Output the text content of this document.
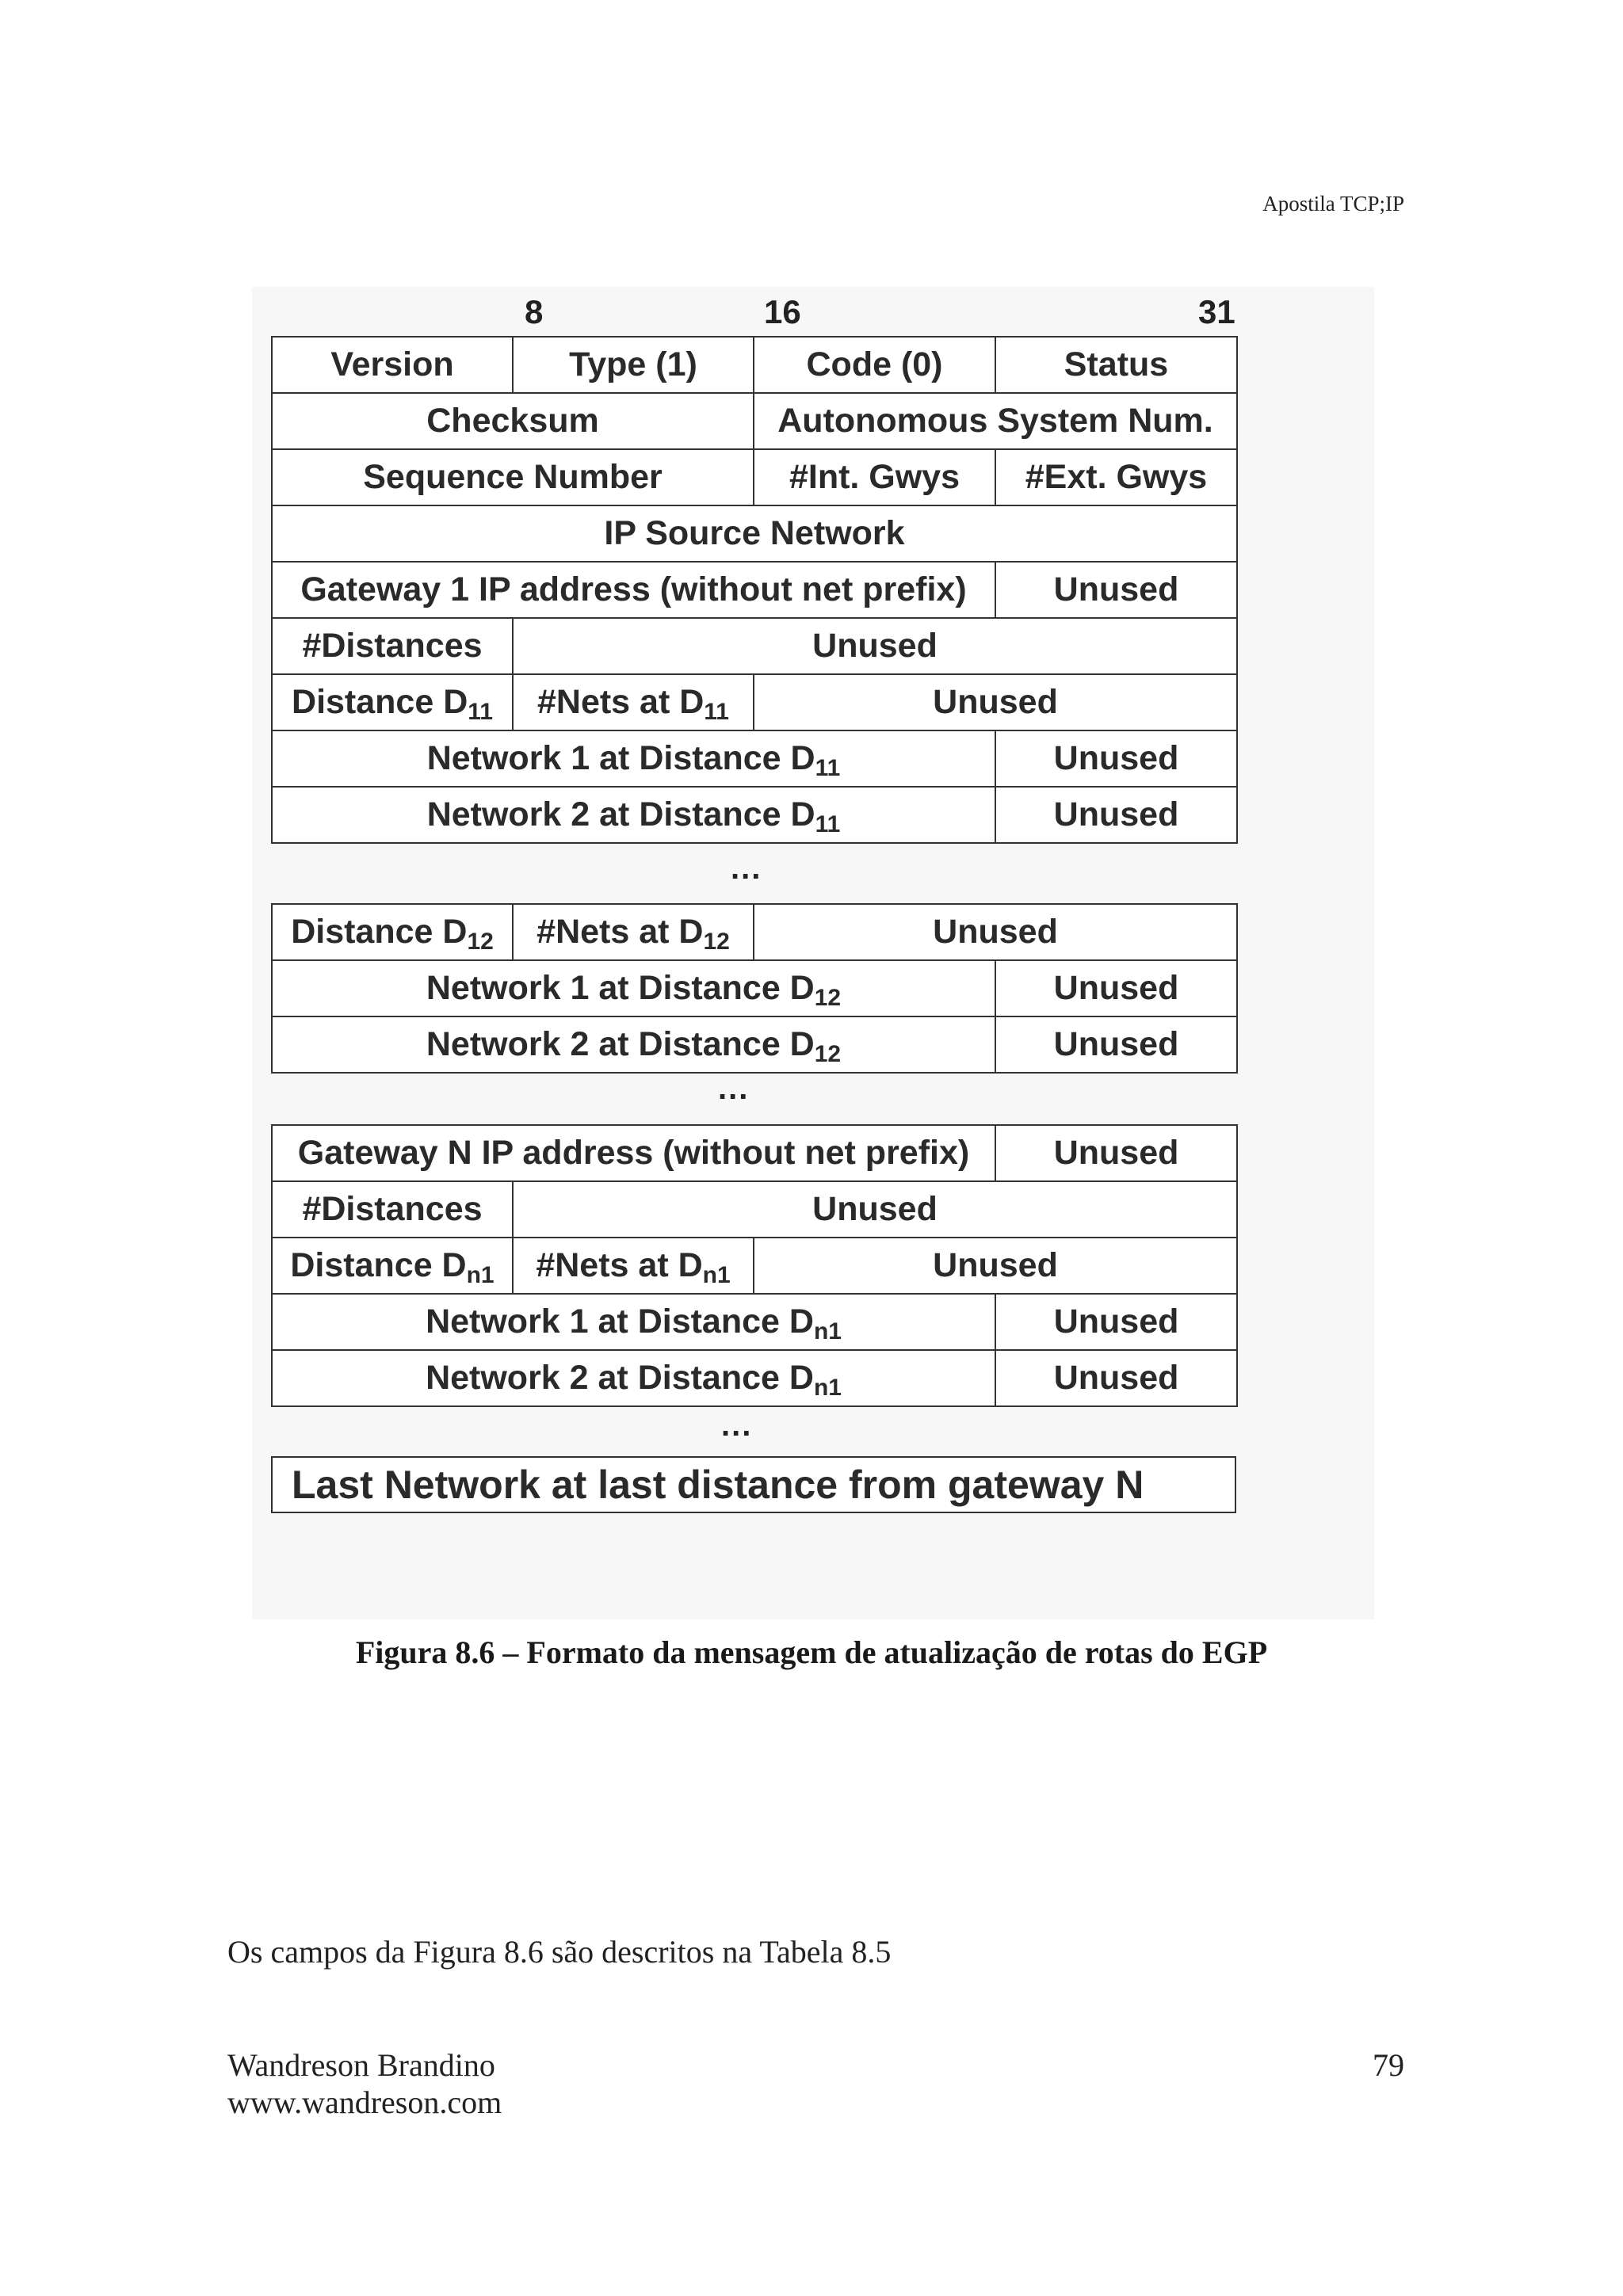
Apostila TCP;IP
8	16	31
Version	Type (1)	Code (0)	Status
Checksum		Autonomous System Num.	
Sequence Number		#Int. Gwys	#Ext. Gwys
IP Source Network			
Gateway 1 IP address (without net prefix)			Unused
#Distances	Unused		
Distance $D_{11}$	#Nets at $D_{11}$	Unused	
Network 1 at Distance $D_{11}$			Unused
Network 2 at Distance $D_{11}$			Unused
...
Distance $D_{12}$	#Nets at $D_{12}$	Unused	
Network 1 at Distance $D_{12}$			Unused
Network 2 at Distance $D_{12}$			Unused
...
Gateway N IP address (without net prefix)			Unused
#Distances	Unused		
Distance $D_{n1}$	#Nets at $D_{n1}$	Unused	
Network 1 at Distance $D_{n1}$			Unused
Network 2 at Distance $D_{n1}$			Unused
...
Last Network at last distance from gateway N
Figura 8.6 – Formato da mensagem de atualização de rotas do EGP
Os campos da Figura 8.6 são descritos na Tabela 8.5
Wandreson Brandino
www.wandreson.com
79
